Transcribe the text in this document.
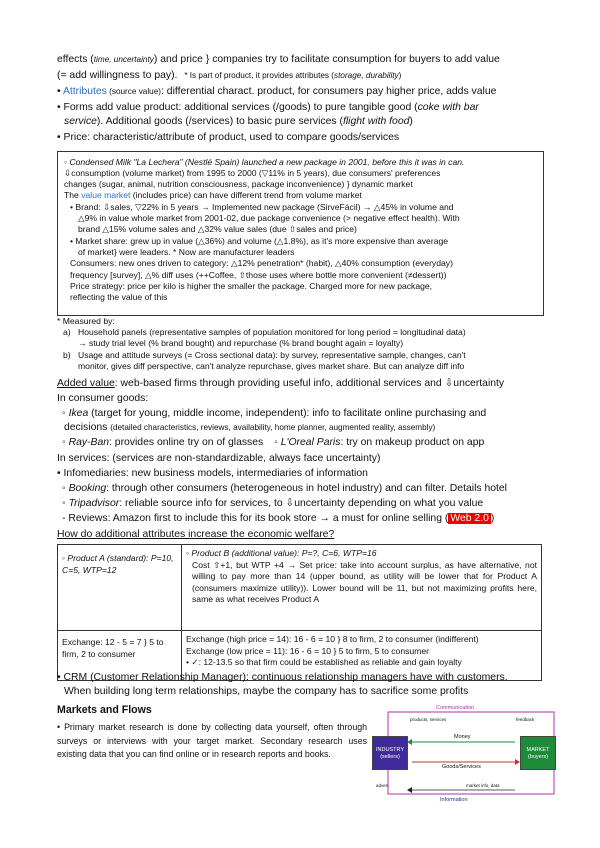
effects (time, uncertainty) and price } companies try to facilitate consumption for buyers to add value
(= add willingness to pay). * Is part of product, it provides attributes (storage, durability)
• Attributes (source value): differential charact. product, for consumers pay higher price, adds value
• Forms add value product: additional services (/goods) to pure tangible good (coke with bar
service). Additional goods (/services) to basic pure services (flight with food)
• Price: characteristic/attribute of product, used to compare goods/services
◦ Condensed Milk "La Lechera" (Nestlé Spain) launched a new package in 2001, before this it was in can.
⇩consumption (volume market) from 1995 to 2000 (▽11% in 5 years), due consumers' preferences
changes (sugar, animal, nutrition consciousness, package inconvenience) } dynamic market
The value market (includes price) can have different trend from volume market
• Brand: ⇩sales, ▽22% in 5 years → Implemented new package (SirveFácil) → △45% in volume and
△9% in value whole market from 2001-02, due package convenience (> negative effect health). With
brand △15% volume sales and △32% value sales (due ⇧sales and price)
• Market share: grew up in value (△36%) and volume (△1.8%), as it's more expensive than average
of market} were leaders. * Now are manufacturer leaders
Consumers: new ones driven to category: △12% penetration* (habit), △40% consumption (everyday)
frequency [survey], △% diff uses (++Coffee, ⇧those uses where bottle more convenient (≠dessert))
Price strategy: price per kilo is higher the smaller the package. Charged more for new package,
reflecting the value of this
* Measured by:
a) Household panels (representative samples of population monitored for long period = longitudinal data)
→ study trial level (% brand bought) and repurchase (% brand bought again = loyalty)
b) Usage and attitude surveys (= Cross sectional data): by survey, representative sample, changes, can't
monitor, gives diff perspective, can't analyze repurchase, gives market share. But can analyze diff info
Added value: web-based firms through providing useful info, additional services and ⇩uncertainty
In consumer goods:
◦ Ikea (target for young, middle income, independent): info to facilitate online purchasing and
decisions (detailed characteristics, reviews, availability, home planner, augmented reality, assembly)
◦ Ray-Ban: provides online try on of glasses ◦ L'Oreal Paris: try on makeup product on app
In services: (services are non-standardizable, always face uncertainty)
• Infomediaries: new business models, intermediaries of information
◦ Booking: through other consumers (heterogeneous in hotel industry) and can filter. Details hotel
◦ Tripadvisor: reliable source info for services, to ⇩uncertainty depending on what you value
- Reviews: Amazon first to include this for its book store → a must for online selling ( Web 2.0 )
How do additional attributes increase the economic welfare?
◦ Product A (standard): P=10, C=5, WTP=12	◦ Product B (additional value): P=?, C=6, WTP=16
Cost ⇧+1, but WTP +4 → Set price: take into account surplus, as have alternative, not willing to pay more than 14 (upper bound, as utility will be lower that for Product A (consumers maximize utility)). Lower bound will be 11, but not maximizing profits here, same as what receives Product A

Exchange: 12 - 5 = 7 } 5 to firm, 2 to consumer	Exchange (high price = 14): 16 - 6 = 10 } 8 to firm, 2 to consumer (indifferent)
Exchange (low price = 11): 16 - 6 = 10 } 5 to firm, 5 to consumer
• ✓: 12-13.5 so that firm could be established as reliable and gain loyalty
• CRM (Customer Relationship Manager): continuous relationship managers have with customers.
When building long term relationships, maybe the company has to sacrifice some profits
Markets and Flows
• Primary market research is done by collecting data yourself, often through surveys or interviews with your target market. Secondary research uses existing data that you can find online or in research reports and books.	INDUSTRY (sellers)
MARKET (buyers)
Communication
Information
Money
Goods/Services
products, services	feedback
advert.	market info, data
